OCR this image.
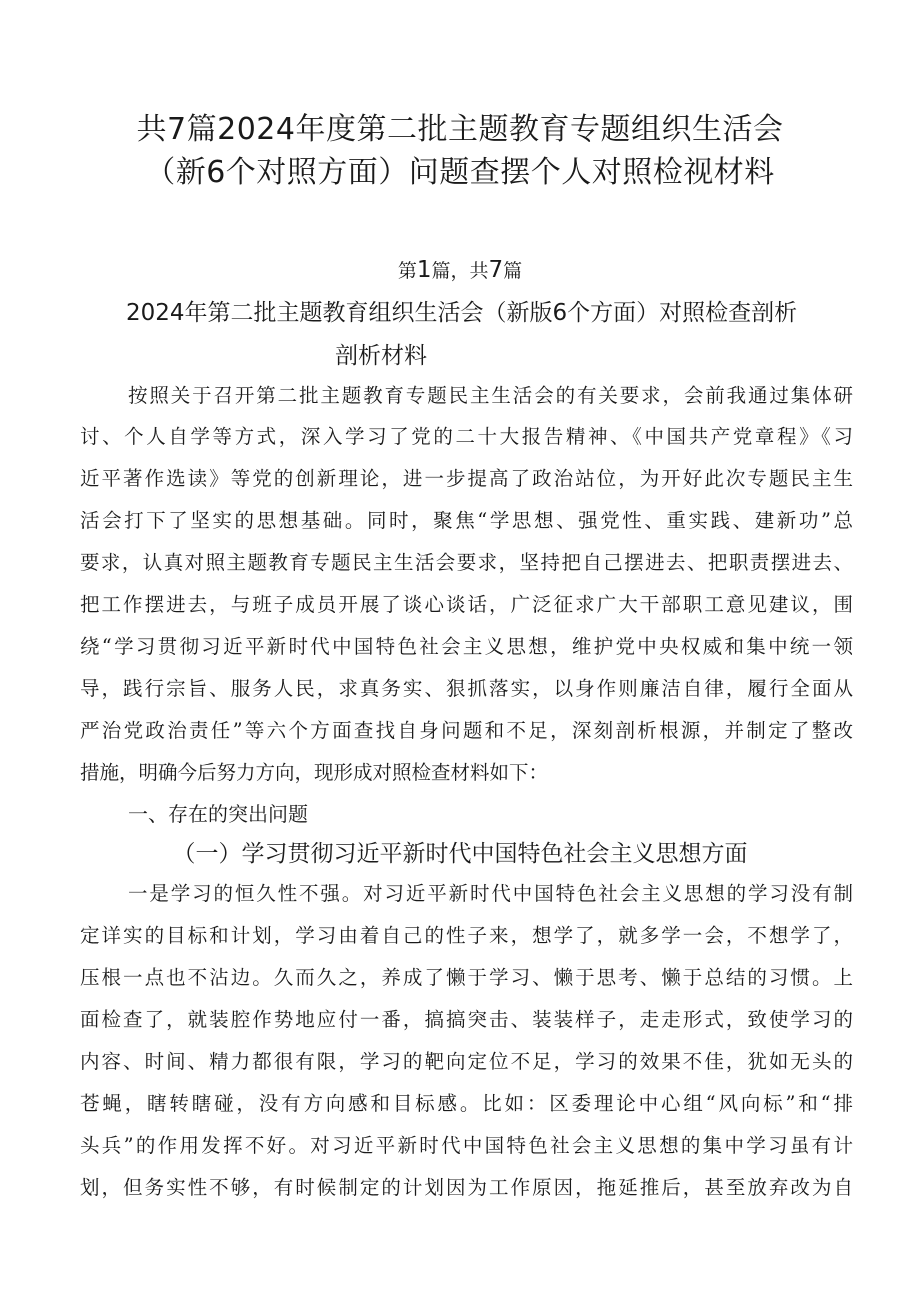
共7篇2024年度第二批主题教育专题组织生活会
（新6个对照方面）问题查摆个人对照检视材料
第1篇，共7篇
2024年第二批主题教育组织生活会（新版6个方面）对照检查剖析
剖析材料

按照关于召开第二批主题教育专题民主生活会的有关要求，会前我通过集体研

讨、个人自学等方式，深入学习了党的二十大报告精神、《中国共产党章程》《习

近平著作选读》等党的创新理论，进一步提高了政治站位，为开好此次专题民主生

活会打下了坚实的思想基础。同时，聚焦“学思想、强党性、重实践、建新功”总

要求，认真对照主题教育专题民主生活会要求，坚持把自己摆进去、把职责摆进去、

把工作摆进去，与班子成员开展了谈心谈话，广泛征求广大干部职工意见建议，围

绕“学习贯彻习近平新时代中国特色社会主义思想，维护党中央权威和集中统一领

导，践行宗旨、服务人民，求真务实、狠抓落实，以身作则廉洁自律，履行全面从

严治党政治责任”等六个方面查找自身问题和不足，深刻剖析根源，并制定了整改

措施，明确今后努力方向，现形成对照检查材料如下：

一、存在的突出问题
（一）学习贯彻习近平新时代中国特色社会主义思想方面

一是学习的恒久性不强。对习近平新时代中国特色社会主义思想的学习没有制

定详实的目标和计划，学习由着自己的性子来，想学了，就多学一会，不想学了，

压根一点也不沾边。久而久之，养成了懒于学习、懒于思考、懒于总结的习惯。上

面检查了，就装腔作势地应付一番，搞搞突击、装装样子，走走形式，致使学习的

内容、时间、精力都很有限，学习的靶向定位不足，学习的效果不佳，犹如无头的

苍蝇，瞎转瞎碰，没有方向感和目标感。比如：区委理论中心组“风向标”和“排

头兵”的作用发挥不好。对习近平新时代中国特色社会主义思想的集中学习虽有计

划，但务实性不够，有时候制定的计划因为工作原因，拖延推后，甚至放弃改为自
